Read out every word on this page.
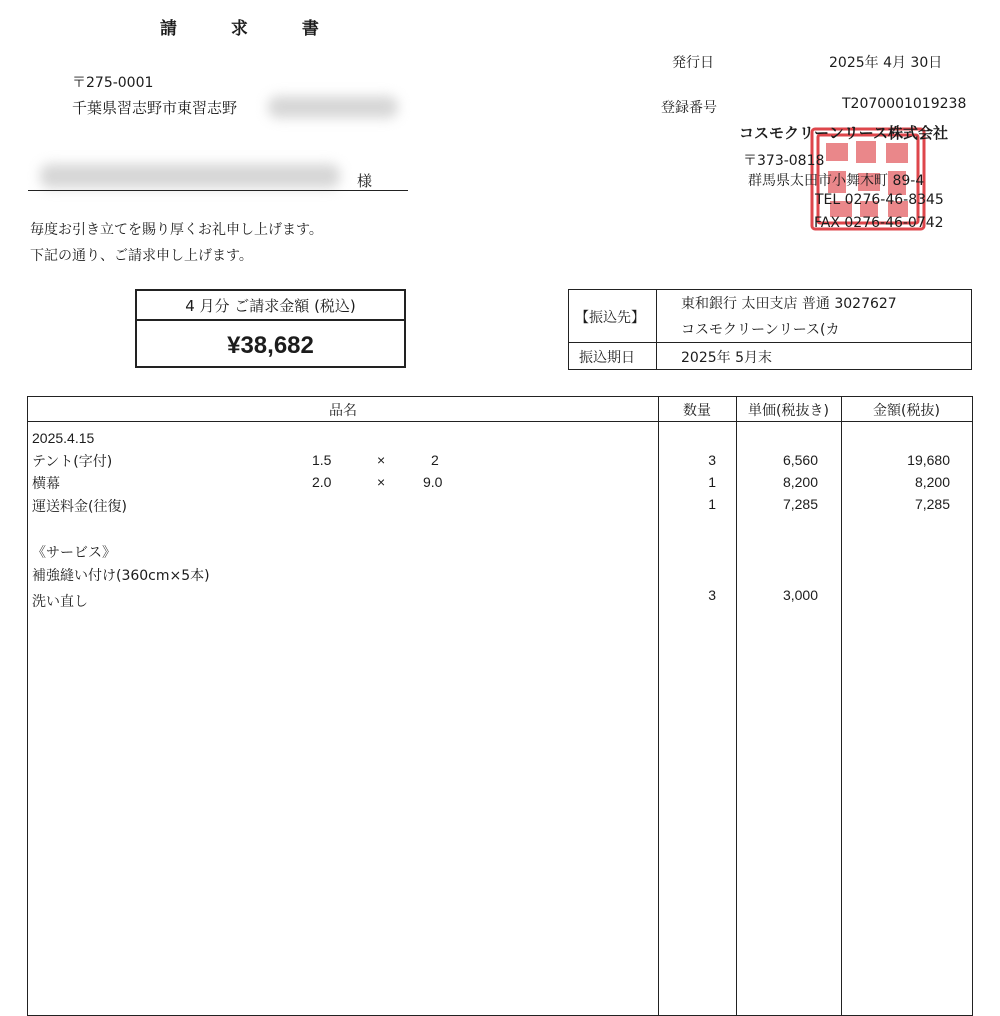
請 求 書
〒275-0001
千葉県習志野市東習志野
様
発行日	2025年 4月 30日
登録番号	T2070001019238
コスモクリーンリース株式会社
〒373-0818
群馬県太田市小舞木町 89-4
TEL 0276-46-8345
FAX 0276-46-0742
毎度お引き立てを賜り厚くお礼申し上げます。
下記の通り、ご請求申し上げます。
4 月分 ご請求金額 (税込)
¥38,682
【振込先】
東和銀行 太田支店 普通 3027627
コスモクリーンリース(カ
振込期日	2025年 5月末
品名	数量	単価(税抜き)	金額(税抜)
2025.4.15
テント(字付)	1.5	×	2	3	6,560	19,680
横幕	2.0	×	9.0	1	8,200	8,200
運送料金(往復)	1	7,285	7,285
《サービス》
補強縫い付け(360cm×5本)
洗い直し	3	3,000
